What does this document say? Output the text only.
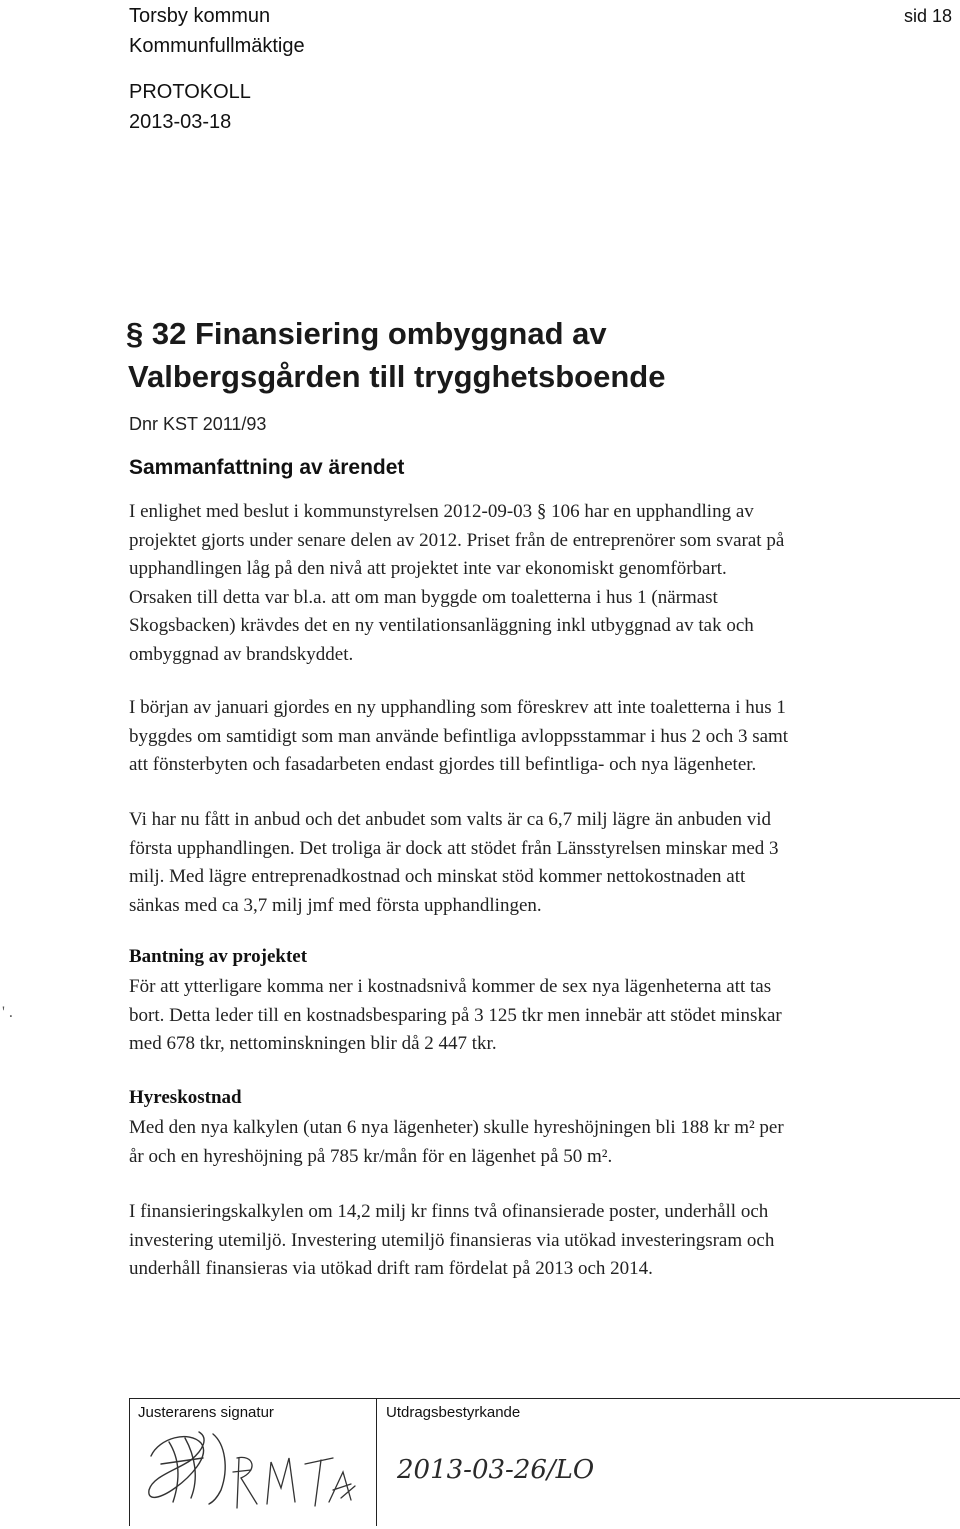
Torsby kommun
Kommunfullmäktige
PROTOKOLL
2013-03-18
sid 18
§ 32 Finansiering ombyggnad av
Valbergsgården till trygghetsboende
Dnr KST 2011/93
Sammanfattning av ärendet
I enlighet med beslut i kommunstyrelsen 2012-09-03 § 106 har en upphandling av
projektet gjorts under senare delen av 2012. Priset från de entreprenörer som svarat på
upphandlingen låg på den nivå att projektet inte var ekonomiskt genomförbart.
Orsaken till detta var bl.a. att om man byggde om toaletterna i hus 1 (närmast
Skogsbacken) krävdes det en ny ventilationsanläggning inkl utbyggnad av tak och
ombyggnad av brandskyddet.
I början av januari gjordes en ny upphandling som föreskrev att inte toaletterna i hus 1
byggdes om samtidigt som man använde befintliga avloppsstammar i hus 2 och 3 samt
att fönsterbyten och fasadarbeten endast gjordes till befintliga- och nya lägenheter.
Vi har nu fått in anbud och det anbudet som valts är ca 6,7 milj lägre än anbuden vid
första upphandlingen. Det troliga är dock att stödet från Länsstyrelsen minskar med 3
milj. Med lägre entreprenadkostnad och minskat stöd kommer nettokostnaden att
sänkas med ca 3,7 milj jmf med första upphandlingen.
Bantning av projektet
För att ytterligare komma ner i kostnadsnivå kommer de sex nya lägenheterna att tas
bort. Detta leder till en kostnadsbesparing på 3 125 tkr men innebär att stödet minskar
med 678 tkr, nettominskningen blir då 2 447 tkr.
Hyreskostnad
Med den nya kalkylen (utan 6 nya lägenheter) skulle hyreshöjningen bli 188 kr m² per
år och en hyreshöjning på 785 kr/mån för en lägenhet på 50 m².
I finansieringskalkylen om 14,2 milj kr finns två ofinansierade poster, underhåll och
investering utemiljö. Investering utemiljö finansieras via utökad investeringsram och
underhåll finansieras via utökad drift ram fördelat på 2013 och 2014.
' .
Justerarens signatur	Utdragsbestyrkande
2013-03-26/LO
